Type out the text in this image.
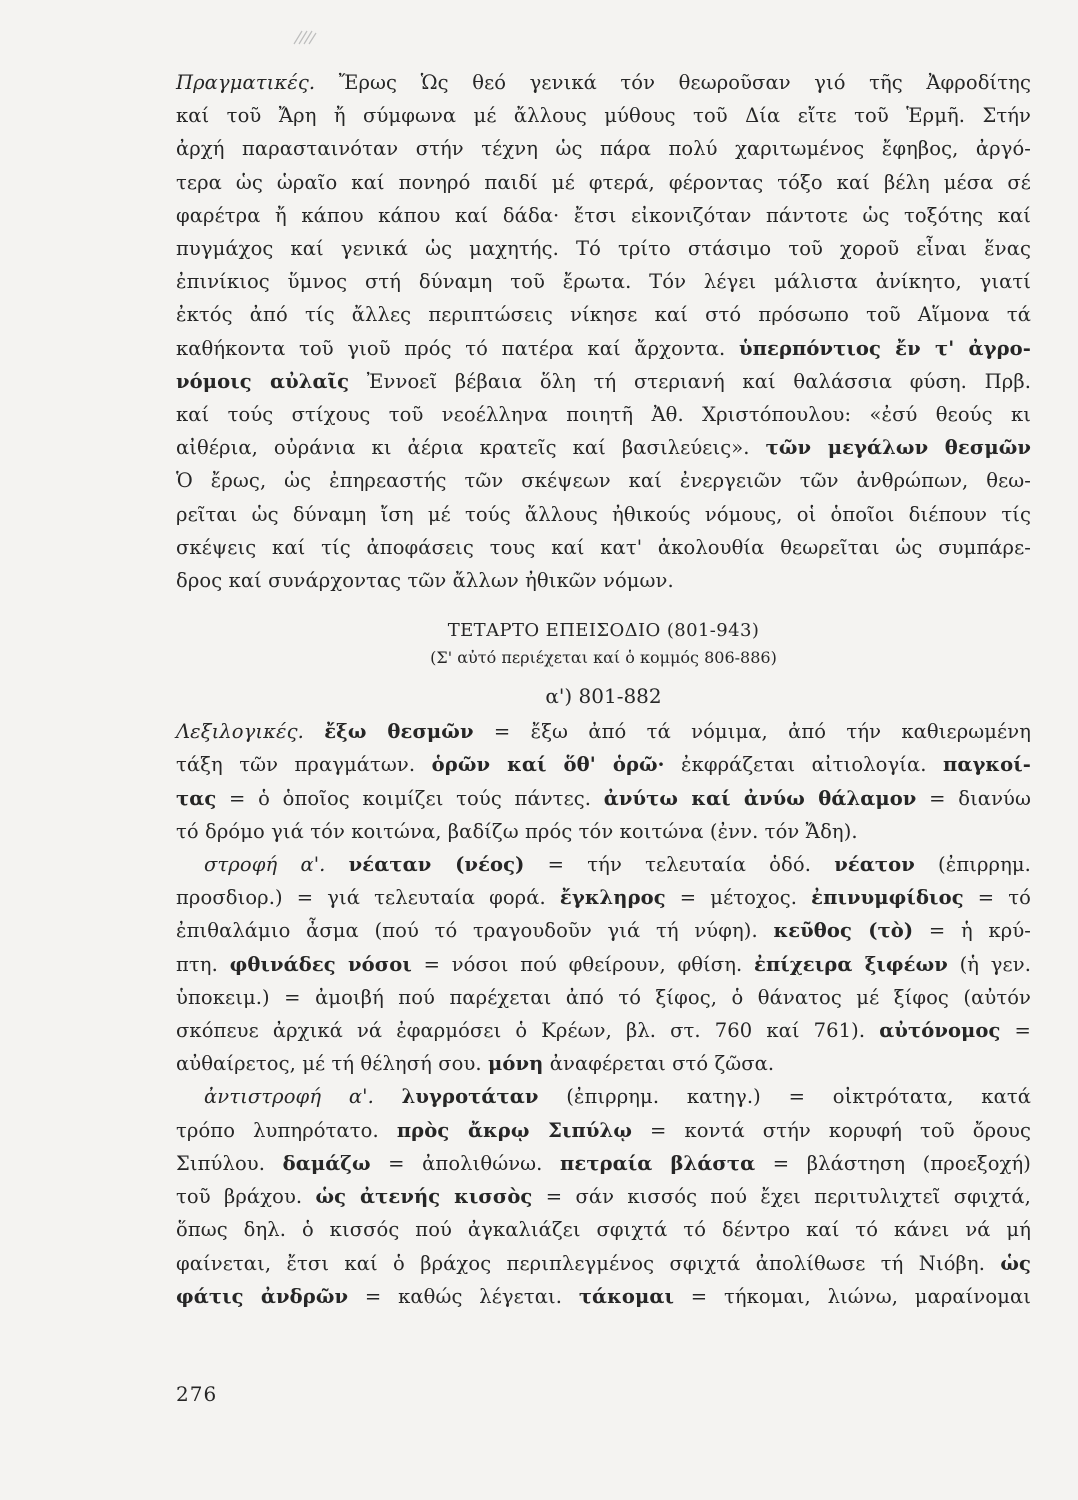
Πραγματικές. Ἔρως Ὡς θεό γενικά τόν θεωροῦσαν γιό τῆς Ἀφροδίτης

καί τοῦ Ἄρη ἤ σύμφωνα μέ ἄλλους μύθους τοῦ Δία εἴτε τοῦ Ἑρμῆ. Στήν

ἀρχή παρασταινόταν στήν τέχνη ὡς πάρα πολύ χαριτωμένος ἔφηβος, ἀργό-

τερα ὡς ὡραῖο καί πονηρό παιδί μέ φτερά, φέροντας τόξο καί βέλη μέσα σέ

φαρέτρα ἤ κάπου κάπου καί δάδα· ἔτσι εἰκονιζόταν πάντοτε ὡς τοξότης καί

πυγμάχος καί γενικά ὡς μαχητής. Τό τρίτο στάσιμο τοῦ χοροῦ εἶναι ἕνας

ἐπινίκιος ὕμνος στή δύναμη τοῦ ἔρωτα. Τόν λέγει μάλιστα ἀνίκητο, γιατί

ἐκτός ἀπό τίς ἄλλες περιπτώσεις νίκησε καί στό πρόσωπο τοῦ Αἵμονα τά

καθήκοντα τοῦ γιοῦ πρός τό πατέρα καί ἄρχοντα. ὑπερπόντιος ἔν τ' ἀγρο-

νόμοις αὐλαῖς Ἐννοεῖ βέβαια ὅλη τή στεριανή καί θαλάσσια φύση. Πρβ.

καί τούς στίχους τοῦ νεοέλληνα ποιητῆ Ἀθ. Χριστόπουλου: «ἐσύ θεούς κι

αἰθέρια, οὐράνια κι ἀέρια κρατεῖς καί βασιλεύεις». τῶν μεγάλων θεσμῶν

Ὁ ἔρως, ὡς ἐπηρεαστής τῶν σκέψεων καί ἐνεργειῶν τῶν ἀνθρώπων, θεω-

ρεῖται ὡς δύναμη ἴση μέ τούς ἄλλους ἠθικούς νόμους, οἱ ὁποῖοι διέπουν τίς

σκέψεις καί τίς ἀποφάσεις τους καί κατ' ἀκολουθία θεωρεῖται ὡς συμπάρε-

δρος καί συνάρχοντας τῶν ἄλλων ἠθικῶν νόμων.

ΤΕΤΑΡΤΟ ΕΠΕΙΣΟΔΙΟ (801-943)
(Σ' αὐτό περιέχεται καί ὁ κομμός 806-886)
α') 801-882

Λεξιλογικές. ἔξω θεσμῶν = ἔξω ἀπό τά νόμιμα, ἀπό τήν καθιερωμένη

τάξη τῶν πραγμάτων. ὁρῶν καί ὅθ' ὁρῶ· ἐκφράζεται αἰτιολογία. παγκοί-

τας = ὁ ὁποῖος κοιμίζει τούς πάντες. ἀνύτω καί ἀνύω θάλαμον = διανύω

τό δρόμο γιά τόν κοιτώνα, βαδίζω πρός τόν κοιτώνα (ἐνν. τόν Ἄδη).

στροφή α'. νέαταν (νέος) = τήν τελευταία ὁδό. νέατον (ἐπιρρημ.

προσδιορ.) = γιά τελευταία φορά. ἔγκληρος = μέτοχος. ἐπινυμφίδιος = τό

ἐπιθαλάμιο ἆσμα (πού τό τραγουδοῦν γιά τή νύφη). κεῦθος (τὸ) = ἡ κρύ-

πτη. φθινάδες νόσοι = νόσοι πού φθείρουν, φθίση. ἐπίχειρα ξιφέων (ἡ γεν.

ὑποκειμ.) = ἀμοιβή πού παρέχεται ἀπό τό ξίφος, ὁ θάνατος μέ ξίφος (αὐτόν

σκόπευε ἀρχικά νά ἐφαρμόσει ὁ Κρέων, βλ. στ. 760 καί 761). αὐτόνομος =

αὐθαίρετος, μέ τή θέλησή σου. μόνη ἀναφέρεται στό ζῶσα.

ἀντιστροφή α'. λυγροτάταν (ἐπιρρημ. κατηγ.) = οἰκτρότατα, κατά

τρόπο λυπηρότατο. πρὸς ἄκρῳ Σιπύλῳ = κοντά στήν κορυφή τοῦ ὄρους

Σιπύλου. δαμάζω = ἀπολιθώνω. πετραία βλάστα = βλάστηση (προεξοχή)

τοῦ βράχου. ὡς ἀτενής κισσὸς = σάν κισσός πού ἔχει περιτυλιχτεῖ σφιχτά,

ὅπως δηλ. ὁ κισσός πού ἀγκαλιάζει σφιχτά τό δέντρο καί τό κάνει νά μή

φαίνεται, ἔτσι καί ὁ βράχος περιπλεγμένος σφιχτά ἀπολίθωσε τή Νιόβη. ὡς

φάτις ἀνδρῶν = καθώς λέγεται. τάκομαι = τήκομαι, λιώνω, μαραίνομαι

276
